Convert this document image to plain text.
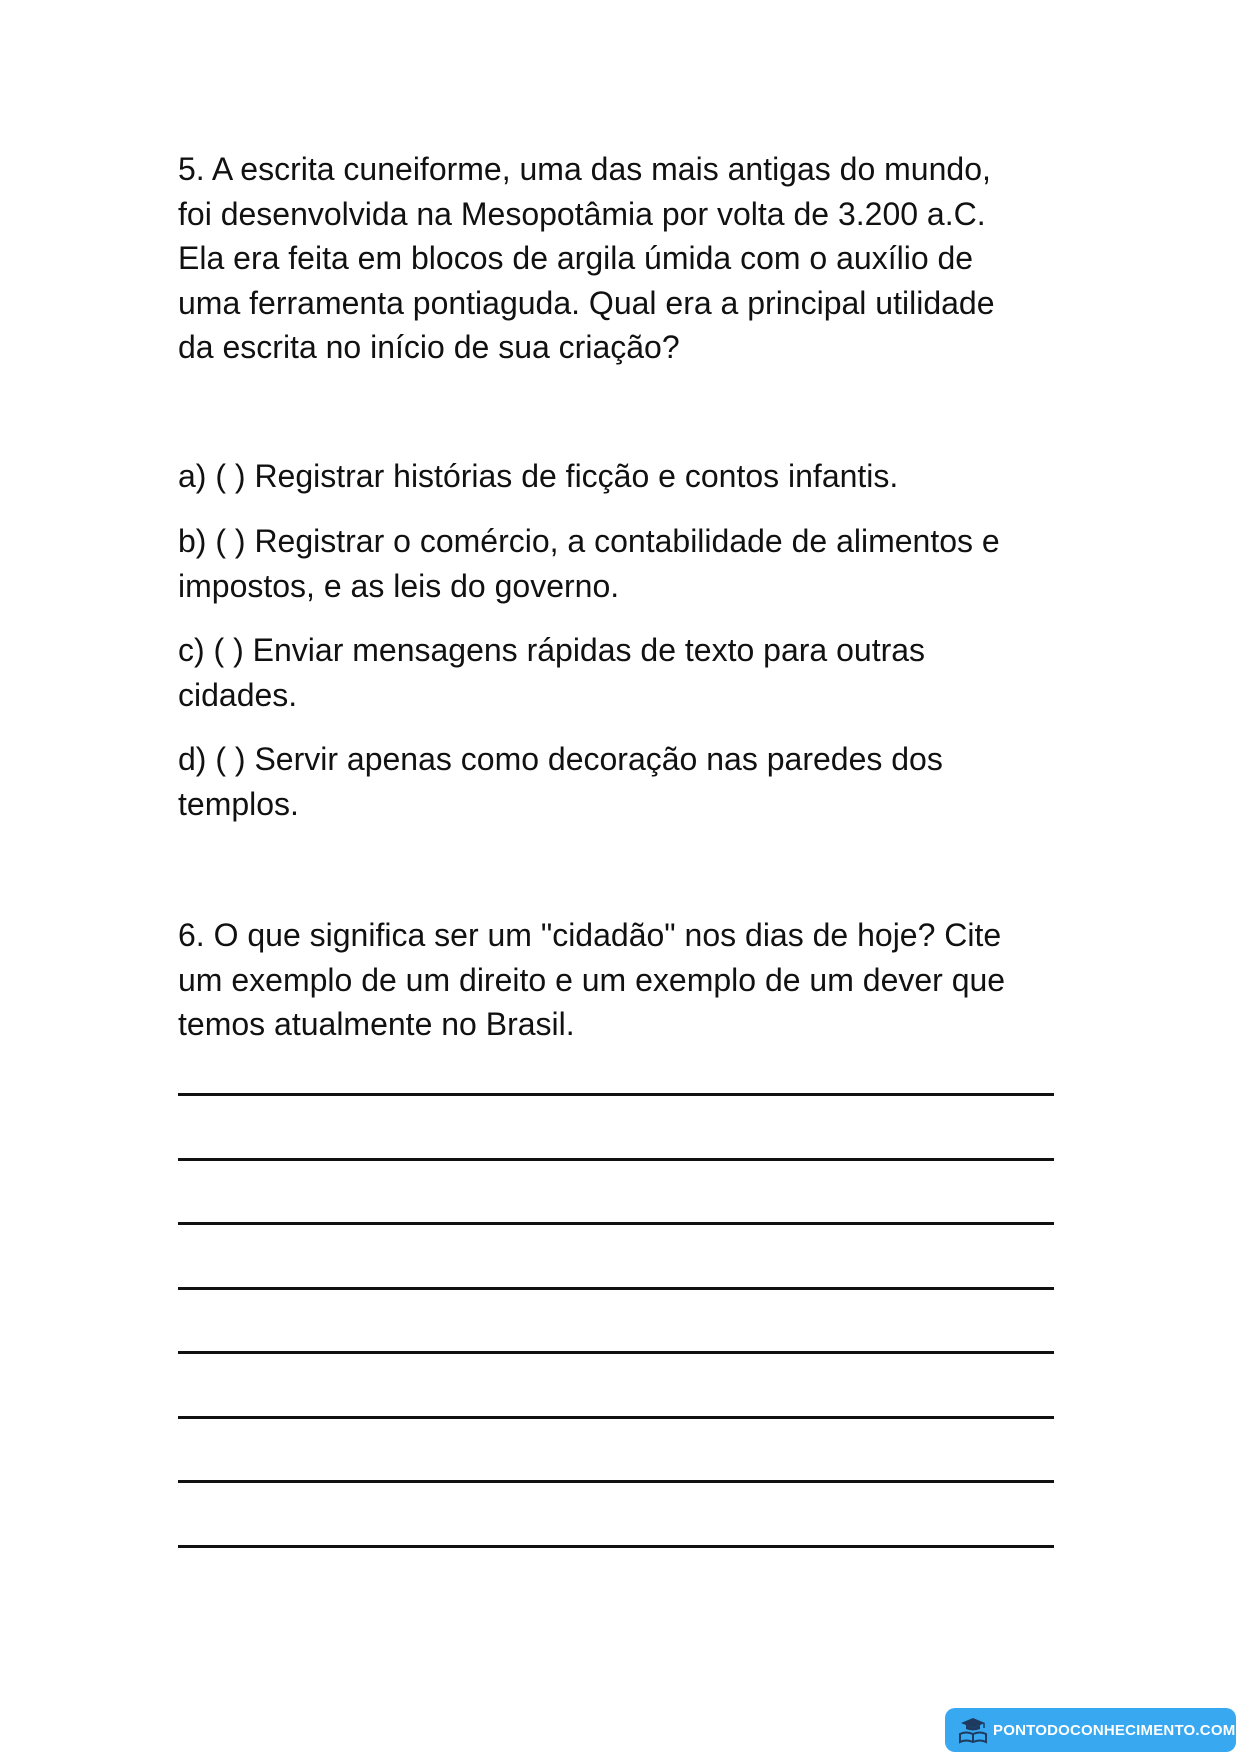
5. A escrita cuneiforme, uma das mais antigas do mundo,
foi desenvolvida na Mesopotâmia por volta de 3.200 a.C.
Ela era feita em blocos de argila úmida com o auxílio de
uma ferramenta pontiaguda. Qual era a principal utilidade
da escrita no início de sua criação?

a) ( ) Registrar histórias de ficção e contos infantis.

b) ( ) Registrar o comércio, a contabilidade de alimentos e
impostos, e as leis do governo.

c) ( ) Enviar mensagens rápidas de texto para outras
cidades.

d) ( ) Servir apenas como decoração nas paredes dos
templos.

6. O que significa ser um "cidadão" nos dias de hoje? Cite
um exemplo de um direito e um exemplo de um dever que
temos atualmente no Brasil.

PONTODOCONHECIMENTO.COM
